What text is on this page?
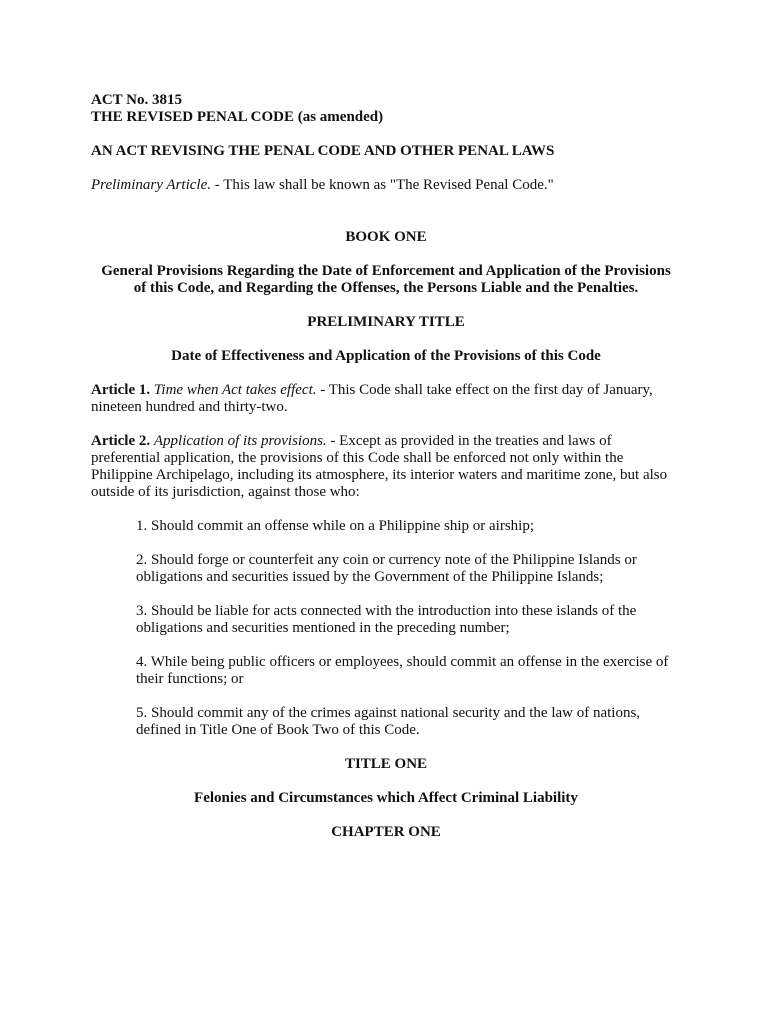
ACT No. 3815

THE REVISED PENAL CODE (as amended)

AN ACT REVISING THE PENAL CODE AND OTHER PENAL LAWS

Preliminary Article. - This law shall be known as "The Revised Penal Code."

BOOK ONE

General Provisions Regarding the Date of Enforcement and Application of the Provisions

of this Code, and Regarding the Offenses, the Persons Liable and the Penalties.

PRELIMINARY TITLE

Date of Effectiveness and Application of the Provisions of this Code

Article 1. Time when Act takes effect. - This Code shall take effect on the first day of January,

nineteen hundred and thirty-two.

Article 2. Application of its provisions. - Except as provided in the treaties and laws of

preferential application, the provisions of this Code shall be enforced not only within the

Philippine Archipelago, including its atmosphere, its interior waters and maritime zone, but also

outside of its jurisdiction, against those who:

1. Should commit an offense while on a Philippine ship or airship;

2. Should forge or counterfeit any coin or currency note of the Philippine Islands or

obligations and securities issued by the Government of the Philippine Islands;

3. Should be liable for acts connected with the introduction into these islands of the

obligations and securities mentioned in the preceding number;

4. While being public officers or employees, should commit an offense in the exercise of

their functions; or

5. Should commit any of the crimes against national security and the law of nations,

defined in Title One of Book Two of this Code.

TITLE ONE

Felonies and Circumstances which Affect Criminal Liability

CHAPTER ONE
